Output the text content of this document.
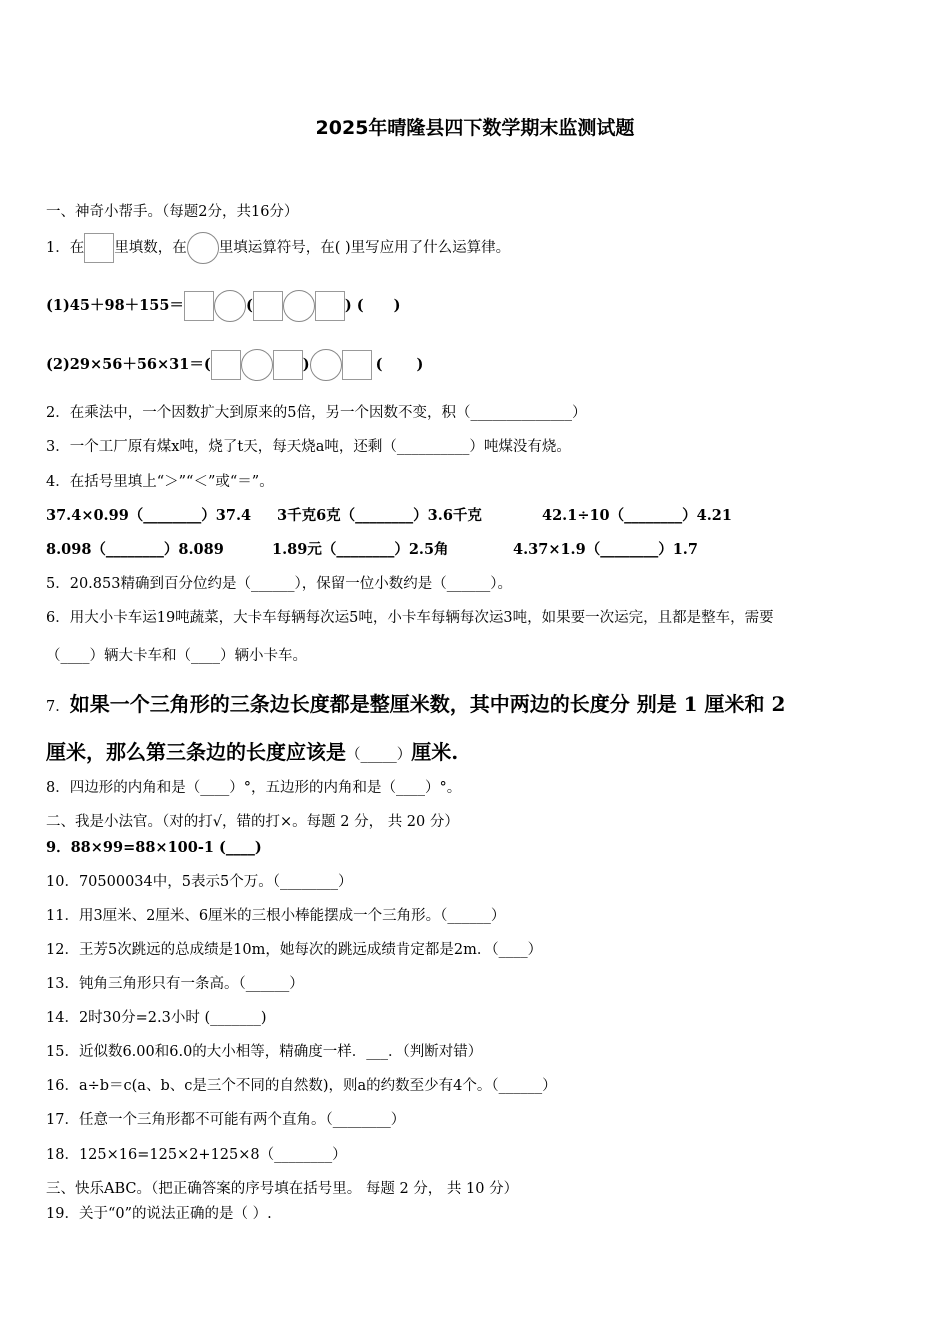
2025年晴隆县四下数学期末监测试题
一、神奇小帮手。（每题2分，共16分）
1．在 里填数，在 里填运算符号，在( )里写应用了什么运算律。
(1)45＋98＋155＝	(	) ( )
(2)29×56＋56×31＝(	)	( )
2．在乘法中，一个因数扩大到原来的5倍，另一个因数不变，积（______________）
3．一个工厂原有煤x吨，烧了t天，每天烧a吨，还剩（__________）吨煤没有烧。
4．在括号里填上“＞”“＜”或“＝”。
37.4×0.99（________）37.4 3千克6克（________）3.6千克	42.1÷10（________）4.21
8.098（________）8.089	1.89元（________）2.5角	4.37×1.9（________）1.7
5．20.853精确到百分位约是（______），保留一位小数约是（______）。
6．用大小卡车运19吨蔬菜，大卡车每辆每次运5吨，小卡车每辆每次运3吨，如果要一次运完，且都是整车，需要
（____）辆大卡车和（____）辆小卡车。
7．如果一个三角形的三条边长度都是整厘米数，其中两边的长度分 别是 1 厘米和 2
厘米，那么第三条边的长度应该是（_____）厘米.
8．四边形的内角和是（____）°，五边形的内角和是（____）°。
二、我是小法官。（对的打√，错的打×。每题 2 分， 共 20 分）
9．88×99=88×100-1 (____)
10．70500034中，5表示5个万。（________）
11．用3厘米、2厘米、6厘米的三根小棒能摆成一个三角形。（______）
12．王芳5次跳远的总成绩是10m，她每次的跳远成绩肯定都是2m．（____）
13．钝角三角形只有一条高。（______）
14．2时30分=2.3小时 (_______)
15．近似数6.00和6.0的大小相等，精确度一样．___．（判断对错）
16．a÷b＝c(a、b、c是三个不同的自然数)，则a的约数至少有4个。（______）
17．任意一个三角形都不可能有两个直角。（________）
18．125×16=125×2+125×8（________）
三、快乐ABC。（把正确答案的序号填在括号里。 每题 2 分， 共 10 分）
19．关于“0”的说法正确的是（ ）.
